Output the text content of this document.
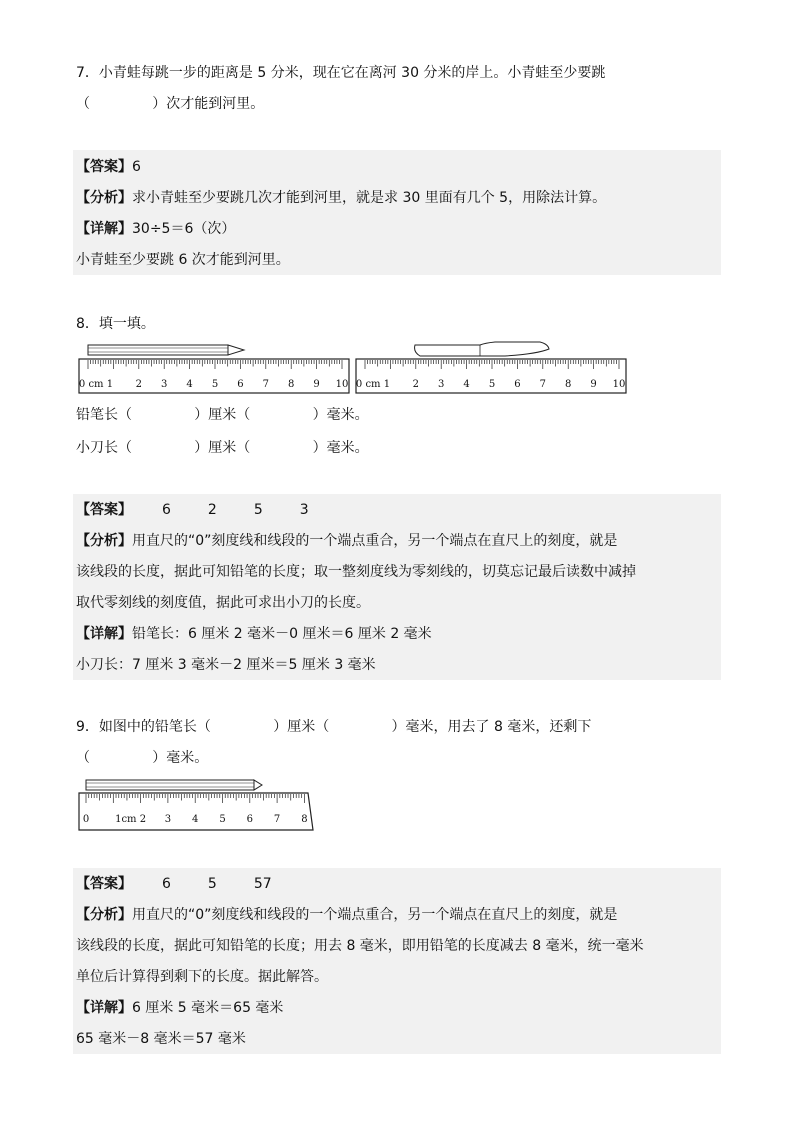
7．小青蛙每跳一步的距离是 5 分米，现在它在离河 30 分米的岸上。小青蛙至少要跳
（              ）次才能到河里。
【答案】6
【分析】求小青蛙至少要跳几次才能到河里，就是求 30 里面有几个 5，用除法计算。
【详解】30÷5＝6（次）
小青蛙至少要跳 6 次才能到河里。
8．填一填。
0 cm 1 2 3 4 5 6 7 8 9 10 0 cm 1 2 3 4 5 6 7 8 9 10
铅笔长（              ）厘米（              ）毫米。
小刀长（              ）厘米（              ）毫米。
【答案】 6	2	5	3
【分析】用直尺的“0”刻度线和线段的一个端点重合，另一个端点在直尺上的刻度，就是
该线段的长度，据此可知铅笔的长度；取一整刻度线为零刻线的，切莫忘记最后读数中减掉
取代零刻线的刻度值，据此可求出小刀的长度。
【详解】铅笔长：6 厘米 2 毫米－0 厘米＝6 厘米 2 毫米
小刀长：7 厘米 3 毫米－2 厘米＝5 厘米 3 毫米
9．如图中的铅笔长（              ）厘米（              ）毫米，用去了 8 毫米，还剩下
（              ）毫米。
0	1cm 2 3 4 5 6 7 8
【答案】 6	5	57
【分析】用直尺的“0”刻度线和线段的一个端点重合，另一个端点在直尺上的刻度，就是
该线段的长度，据此可知铅笔的长度；用去 8 毫米，即用铅笔的长度减去 8 毫米，统一毫米
单位后计算得到剩下的长度。据此解答。
【详解】6 厘米 5 毫米＝65 毫米
65 毫米－8 毫米＝57 毫米
